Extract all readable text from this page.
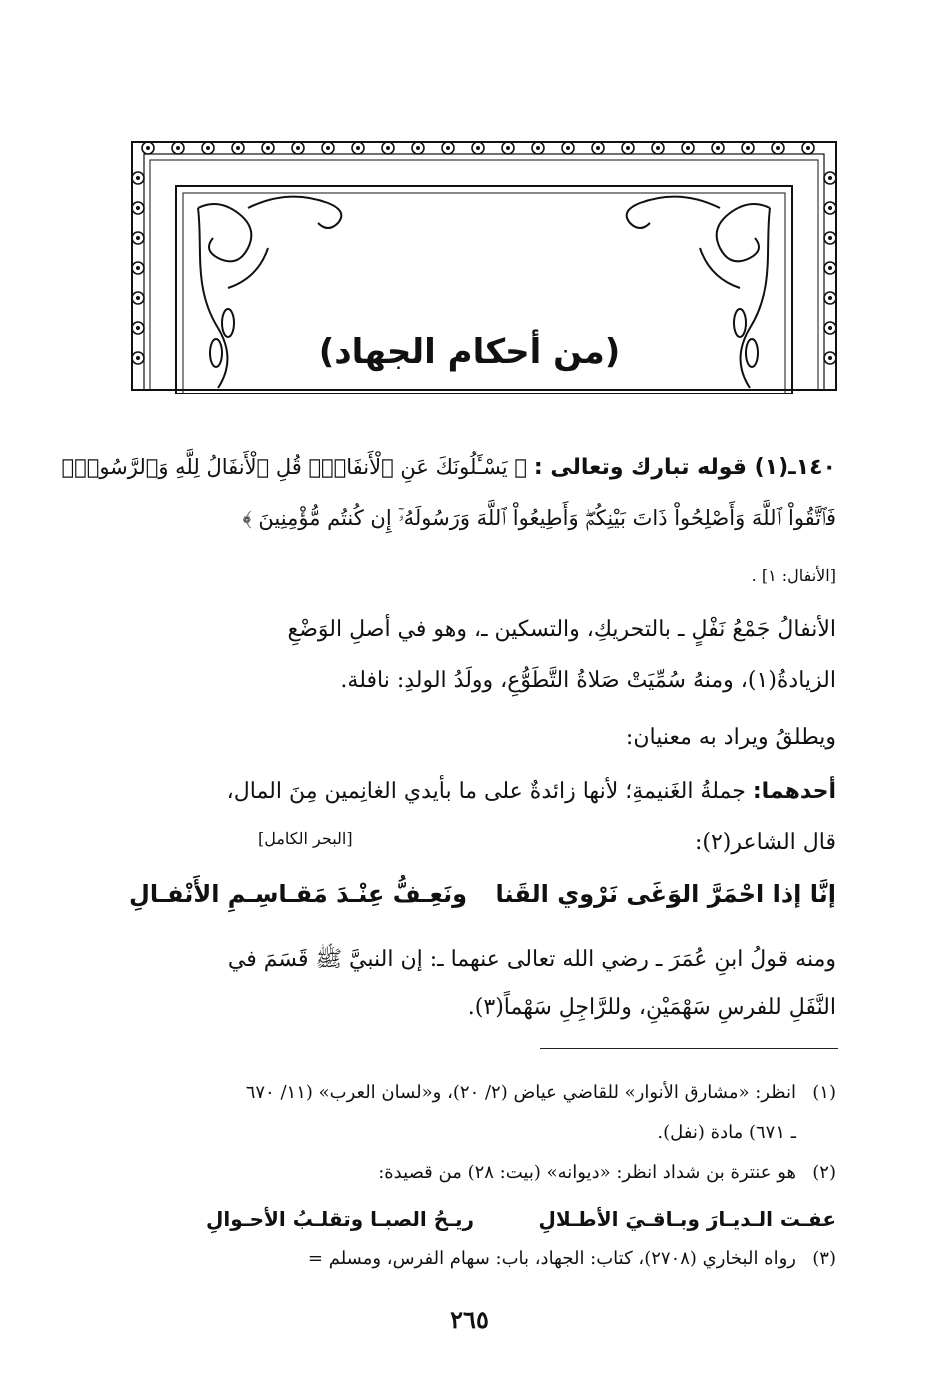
(من أحكام الجهاد)
١٤٠ـ(١) قوله تبارك وتعالى : ﴿ يَسْـَٔلُونَكَ عَنِ ٱلْأَنفَالِۖ قُلِ ٱلْأَنفَالُ لِلَّهِ وَٱلرَّسُولِۖ
فَٱتَّقُواْ ٱللَّهَ وَأَصْلِحُواْ ذَاتَ بَيْنِكُمْۖ وَأَطِيعُواْ ٱللَّهَ وَرَسُولَهُۥٓ إِن كُنتُم مُّؤْمِنِينَ ﴾
[الأنفال: ١] .
الأنفالُ جَمْعُ نَفْلٍ ـ بالتحريكِ، والتسكين ـ، وهو في أصلِ الوَضْعِ
الزيادةُ(١)، ومنهُ سُمِّيَتْ صَلاةُ التَّطَوُّعِ، وولَدُ الولدِ: نافلة.
ويطلقُ ويراد به معنيان:
أحدهما: جملةُ الغَنيمةِ؛ لأنها زائدةٌ على ما بأيدي الغانِمين مِنَ المال،
قال الشاعر(٢):
[البحر الكامل]
إنَّا إذا احْمَرَّ الوَغَى نَرْوي القَنا
ونَعِـفُّ عِنْـدَ مَقـاسِـمِ الأَنْفـالِ
ومنه قولُ ابنِ عُمَرَ ـ رضي الله تعالى عنهما ـ: إن النبيَّ ﷺ قَسَمَ في
النَّفَلِ للفرسِ سَهْمَيْنِ، وللرَّاجِلِ سَهْماً(٣).
(١)انظر: «مشارق الأنوار» للقاضي عياض (٢/ ٢٠)، و«لسان العرب» (١١/ ٦٧٠
ـ ٦٧١) مادة (نفل).
(٢)هو عنترة بن شداد انظر: «ديوانه» (بيت: ٢٨) من قصيدة:
عفـت الـديـارَ وبـاقـيَ الأطـلالِ
ريـحُ الصبـا وتقلـبُ الأحـوالِ
(٣)رواه البخاري (٢٧٠٨)، كتاب: الجهاد، باب: سهام الفرس، ومسلم =
٢٦٥
